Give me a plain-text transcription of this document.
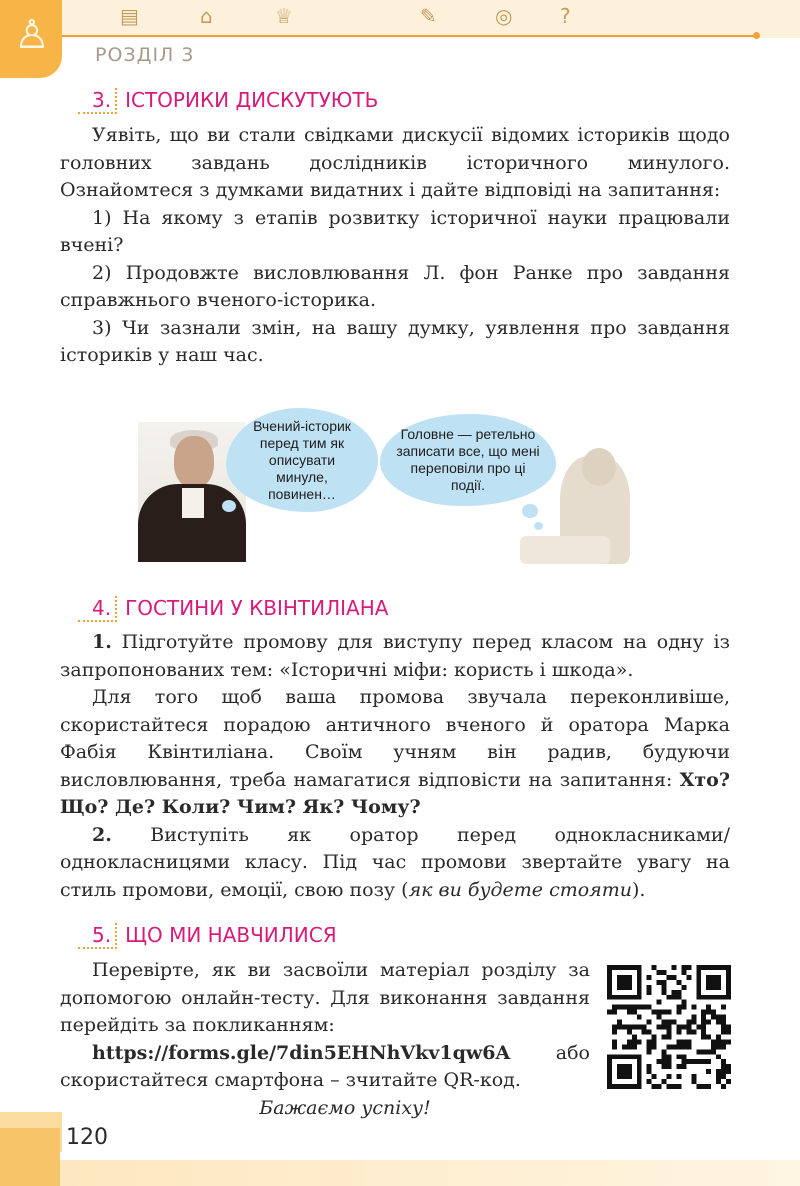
▤	⌂	♕	✎	◎ ?
♙ РОЗДІЛ 3
3. ІСТОРИКИ ДИСКУТУЮТЬ

Уявіть, що ви стали свідками дискусії відомих істориків щодо головних завдань дослідників історичного минулого. Ознайомтеся з думками видатних і дайте відповіді на запитання:

1) На якому з етапів розвитку історичної науки працювали вчені?

2) Продовжте висловлювання Л. фон Ранке про завдання справжнього вченого-історика.

3) Чи зазнали змін, на вашу думку, уявлення про завдання істориків у наш час.

Вчений-історик перед тим як описувати минуле, повинен…
Головне — ретельно записати все, що мені переповіли про ці події.
4. ГОСТИНИ У КВІНТИЛІАНА

1. Підготуйте промову для виступу перед класом на одну із запропонованих тем: «Історичні міфи: користь і шкода».

Для того щоб ваша промова звучала переконливіше, скористайтеся порадою античного вченого й оратора Марка Фабія Квінтиліана. Своїм учням він радив, будуючи висловлювання, треба намагатися відповісти на запитання: Хто? Що? Де? Коли? Чим? Як? Чому?

2. Виступіть як оратор перед однокласниками/однокласницями класу. Під час промови звертайте увагу на стиль промови, емоції, свою позу (як ви будете стояти).

5. ЩО МИ НАВЧИЛИСЯ

Перевірте, як ви засвоїли матеріал розділу за допомогою онлайн-тесту. Для виконання завдання перейдіть за покликанням:

https://forms.gle/7din5EHNhVkv1qw6A або скористайтеся смартфона – зчитайте QR-код.

Бажаємо успіху!

120
